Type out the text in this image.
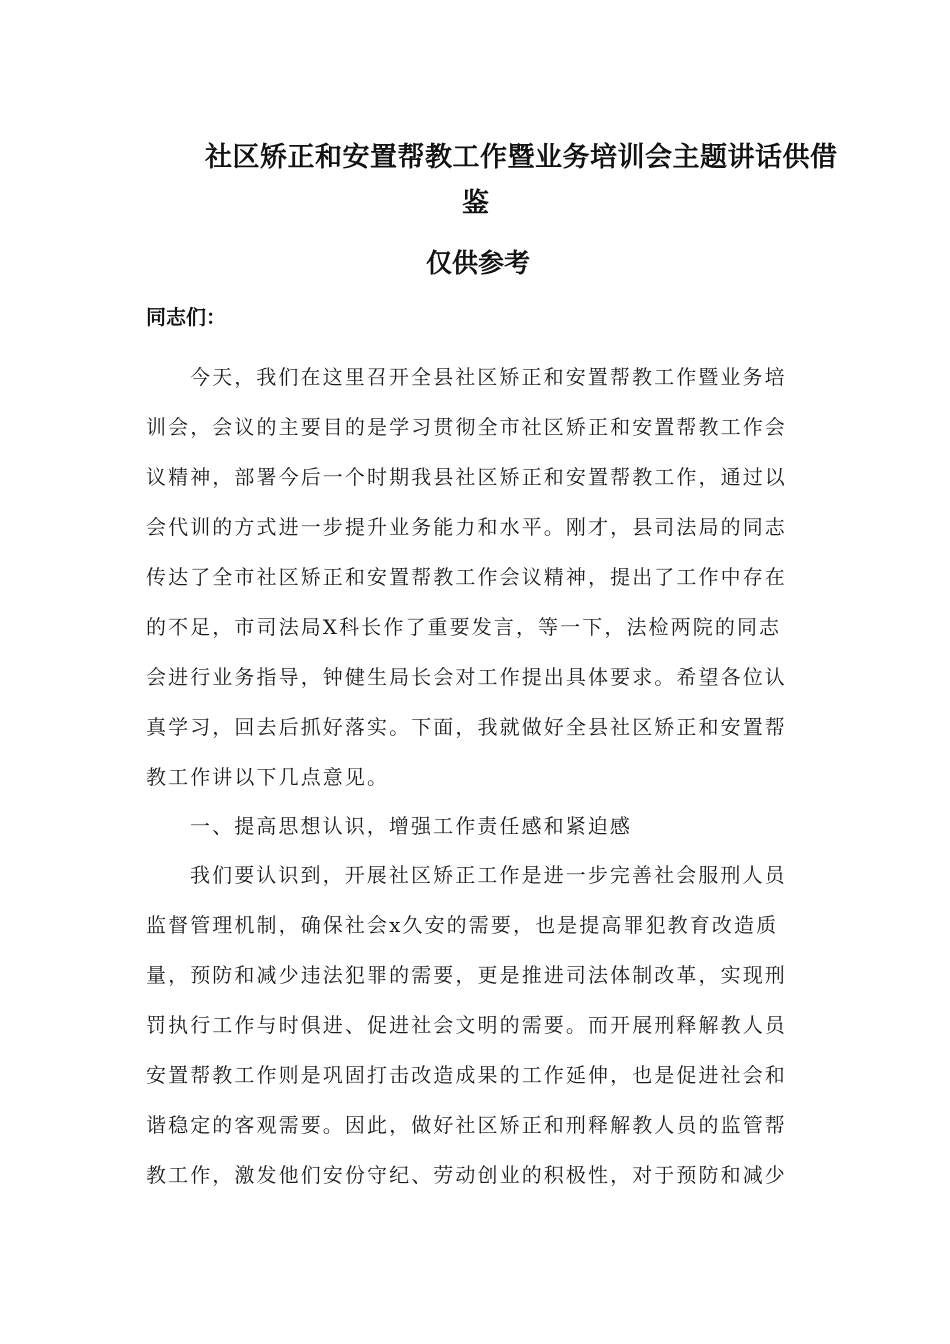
社区矫正和安置帮教工作暨业务培训会主题讲话供借
鉴
仅供参考
同志们：
今天，我们在这里召开全县社区矫正和安置帮教工作暨业务培
训会，会议的主要目的是学习贯彻全市社区矫正和安置帮教工作会
议精神，部署今后一个时期我县社区矫正和安置帮教工作，通过以
会代训的方式进一步提升业务能力和水平。刚才，县司法局的同志
传达了全市社区矫正和安置帮教工作会议精神，提出了工作中存在
的不足，市司法局X科长作了重要发言，等一下，法检两院的同志
会进行业务指导，钟健生局长会对工作提出具体要求。希望各位认
真学习，回去后抓好落实。下面，我就做好全县社区矫正和安置帮
教工作讲以下几点意见。
一、提高思想认识，增强工作责任感和紧迫感
我们要认识到，开展社区矫正工作是进一步完善社会服刑人员
监督管理机制，确保社会x久安的需要，也是提高罪犯教育改造质
量，预防和减少违法犯罪的需要，更是推进司法体制改革，实现刑
罚执行工作与时俱进、促进社会文明的需要。而开展刑释解教人员
安置帮教工作则是巩固打击改造成果的工作延伸，也是促进社会和
谐稳定的客观需要。因此，做好社区矫正和刑释解教人员的监管帮
教工作，激发他们安份守纪、劳动创业的积极性，对于预防和减少
